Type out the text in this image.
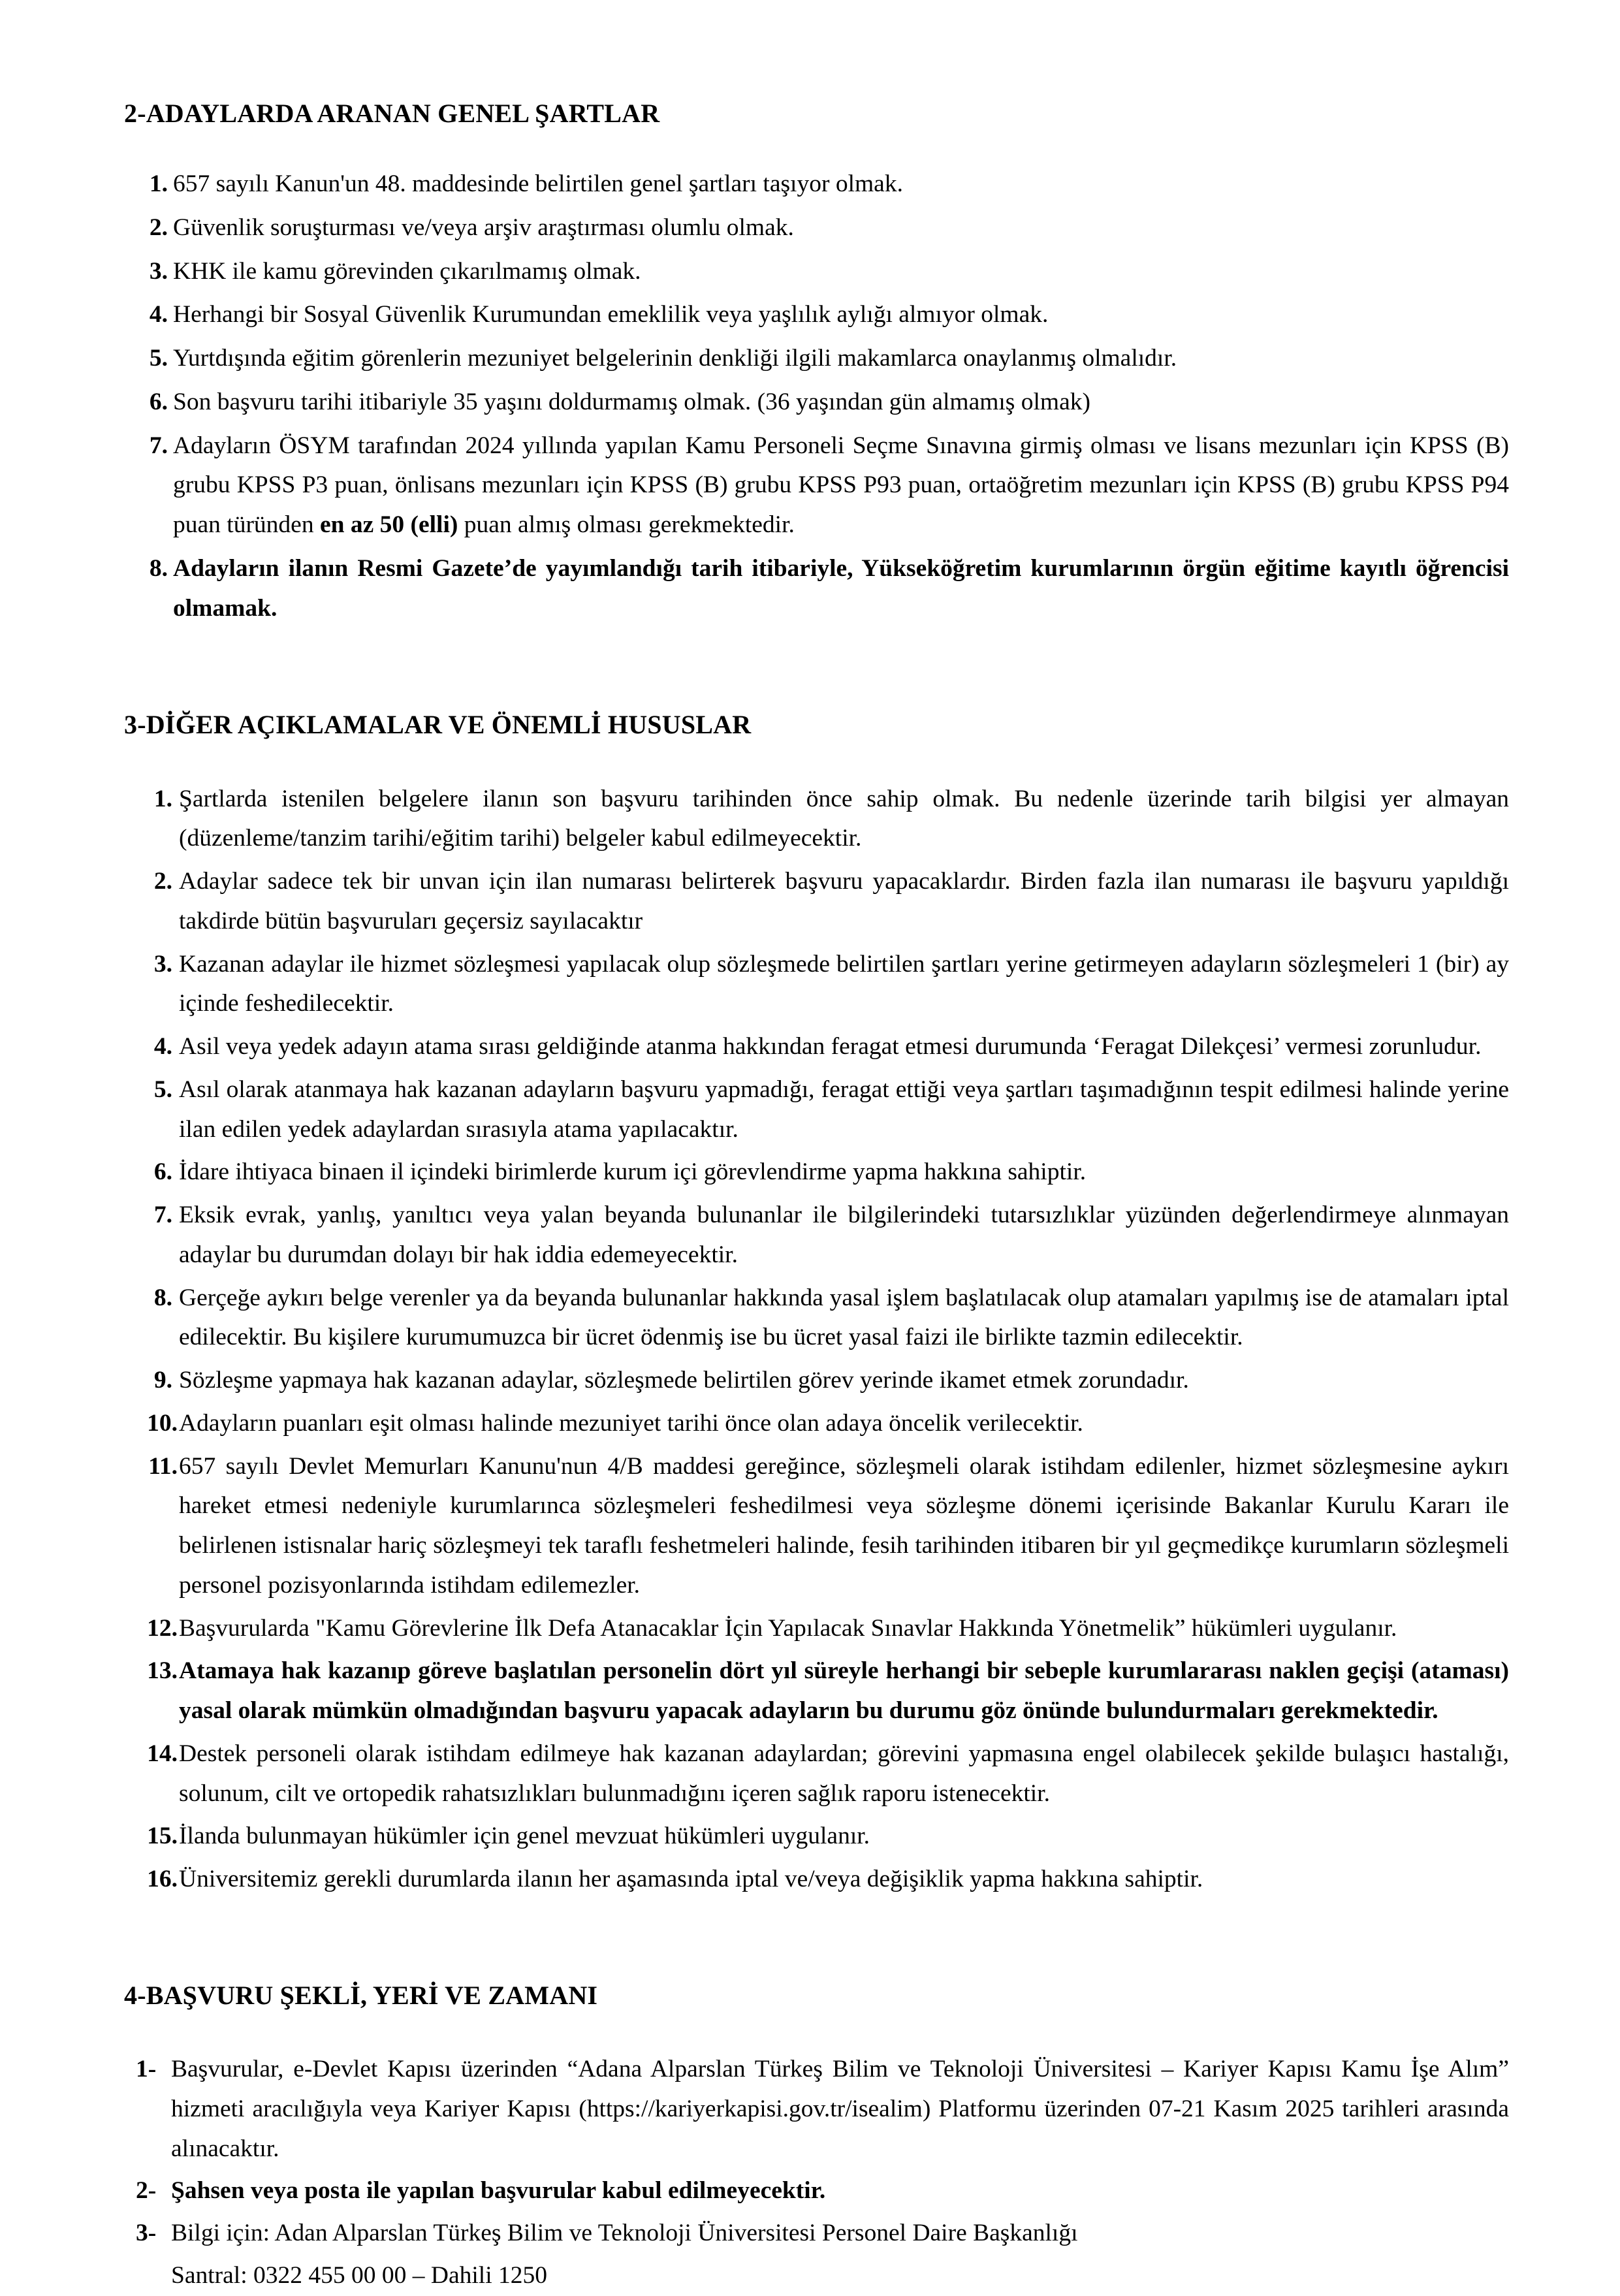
2-ADAYLARDA ARANAN GENEL ŞARTLAR
1. 657 sayılı Kanun'un 48. maddesinde belirtilen genel şartları taşıyor olmak.
2. Güvenlik soruşturması ve/veya arşiv araştırması olumlu olmak.
3. KHK ile kamu görevinden çıkarılmamış olmak.
4. Herhangi bir Sosyal Güvenlik Kurumundan emeklilik veya yaşlılık aylığı almıyor olmak.
5. Yurtdışında eğitim görenlerin mezuniyet belgelerinin denkliği ilgili makamlarca onaylanmış olmalıdır.
6. Son başvuru tarihi itibariyle 35 yaşını doldurmamış olmak. (36 yaşından gün almamış olmak)
7. Adayların ÖSYM tarafından 2024 yıllında yapılan Kamu Personeli Seçme Sınavına girmiş olması ve lisans mezunları için KPSS (B) grubu KPSS P3 puan, önlisans mezunları için KPSS (B) grubu KPSS P93 puan, ortaöğretim mezunları için KPSS (B) grubu KPSS P94 puan türünden en az 50 (elli) puan almış olması gerekmektedir.
8. Adayların ilanın Resmi Gazete’de yayımlandığı tarih itibariyle, Yükseköğretim kurumlarının örgün eğitime kayıtlı öğrencisi olmamak.
3-DİĞER AÇIKLAMALAR VE ÖNEMLİ HUSUSLAR
1. Şartlarda istenilen belgelere ilanın son başvuru tarihinden önce sahip olmak. Bu nedenle üzerinde tarih bilgisi yer almayan (düzenleme/tanzim tarihi/eğitim tarihi) belgeler kabul edilmeyecektir.
2. Adaylar sadece tek bir unvan için ilan numarası belirterek başvuru yapacaklardır. Birden fazla ilan numarası ile başvuru yapıldığı takdirde bütün başvuruları geçersiz sayılacaktır
3. Kazanan adaylar ile hizmet sözleşmesi yapılacak olup sözleşmede belirtilen şartları yerine getirmeyen adayların sözleşmeleri 1 (bir) ay içinde feshedilecektir.
4. Asil veya yedek adayın atama sırası geldiğinde atanma hakkından feragat etmesi durumunda ‘Feragat Dilekçesi’ vermesi zorunludur.
5. Asıl olarak atanmaya hak kazanan adayların başvuru yapmadığı, feragat ettiği veya şartları taşımadığının tespit edilmesi halinde yerine ilan edilen yedek adaylardan sırasıyla atama yapılacaktır.
6. İdare ihtiyaca binaen il içindeki birimlerde kurum içi görevlendirme yapma hakkına sahiptir.
7. Eksik evrak, yanlış, yanıltıcı veya yalan beyanda bulunanlar ile bilgilerindeki tutarsızlıklar yüzünden değerlendirmeye alınmayan adaylar bu durumdan dolayı bir hak iddia edemeyecektir.
8. Gerçeğe aykırı belge verenler ya da beyanda bulunanlar hakkında yasal işlem başlatılacak olup atamaları yapılmış ise de atamaları iptal edilecektir. Bu kişilere kurumumuzca bir ücret ödenmiş ise bu ücret yasal faizi ile birlikte tazmin edilecektir.
9. Sözleşme yapmaya hak kazanan adaylar, sözleşmede belirtilen görev yerinde ikamet etmek zorundadır.
10. Adayların puanları eşit olması halinde mezuniyet tarihi önce olan adaya öncelik verilecektir.
11. 657 sayılı Devlet Memurları Kanunu'nun 4/B maddesi gereğince, sözleşmeli olarak istihdam edilenler, hizmet sözleşmesine aykırı hareket etmesi nedeniyle kurumlarınca sözleşmeleri feshedilmesi veya sözleşme dönemi içerisinde Bakanlar Kurulu Kararı ile belirlenen istisnalar hariç sözleşmeyi tek taraflı feshetmeleri halinde, fesih tarihinden itibaren bir yıl geçmedikçe kurumların sözleşmeli personel pozisyonlarında istihdam edilemezler.
12. Başvurularda "Kamu Görevlerine İlk Defa Atanacaklar İçin Yapılacak Sınavlar Hakkında Yönetmelik” hükümleri uygulanır.
13. Atamaya hak kazanıp göreve başlatılan personelin dört yıl süreyle herhangi bir sebeple kurumlararası naklen geçişi (ataması) yasal olarak mümkün olmadığından başvuru yapacak adayların bu durumu göz önünde bulundurmaları gerekmektedir.
14. Destek personeli olarak istihdam edilmeye hak kazanan adaylardan; görevini yapmasına engel olabilecek şekilde bulaşıcı hastalığı, solunum, cilt ve ortopedik rahatsızlıkları bulunmadığını içeren sağlık raporu istenecektir.
15. İlanda bulunmayan hükümler için genel mevzuat hükümleri uygulanır.
16. Üniversitemiz gerekli durumlarda ilanın her aşamasında iptal ve/veya değişiklik yapma hakkına sahiptir.
4-BAŞVURU ŞEKLİ, YERİ VE ZAMANI
1- Başvurular, e-Devlet Kapısı üzerinden “Adana Alparslan Türkeş Bilim ve Teknoloji Üniversitesi – Kariyer Kapısı Kamu İşe Alım” hizmeti aracılığıyla veya Kariyer Kapısı (https://kariyerkapisi.gov.tr/isealim) Platformu üzerinden 07-21 Kasım 2025 tarihleri arasında alınacaktır.
2- Şahsen veya posta ile yapılan başvurular kabul edilmeyecektir.
3- Bilgi için: Adan Alparslan Türkeş Bilim ve Teknoloji Üniversitesi Personel Daire Başkanlığı
Santral: 0322 455 00 00 – Dahili 1250
